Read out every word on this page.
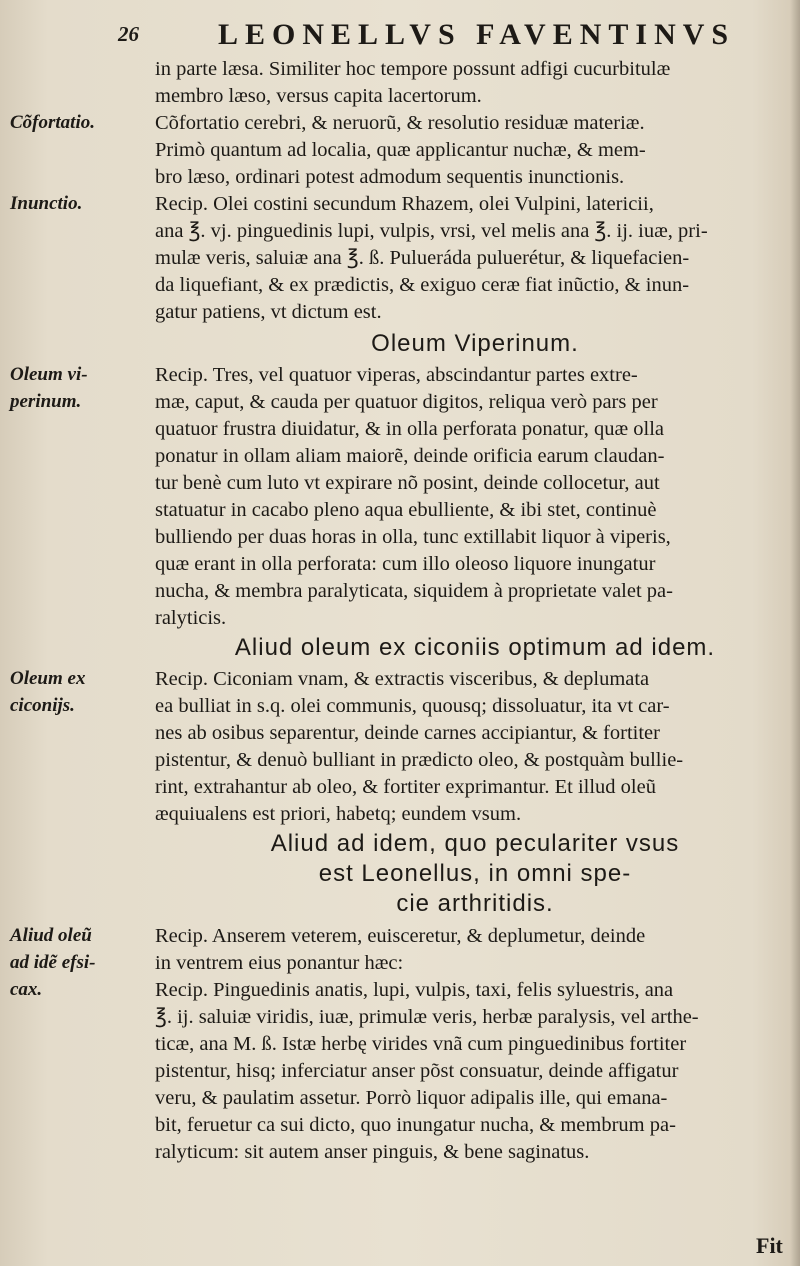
26	LEONELLVS FAVENTINVS
in parte læsa. Similiter hoc tempore possunt adfigi cucurbitulæ
membro læso, versus capita lacertorum.
Cõfortatio cerebri, & neruorũ, & resolutio residuæ materiæ.
Primò quantum ad localia, quæ applicantur nuchæ, & mem-
bro læso, ordinari potest admodum sequentis inunctionis.
Recip. Olei costini secundum Rhazem, olei Vulpini, latericii,
ana ℥. vj. pinguedinis lupi, vulpis, vrsi, vel melis ana ℥. ij. iuæ, pri-
mulæ veris, saluiæ ana ℥. ß. Pulueráda puluerétur, & liquefacien-
da liquefiant, & ex prædictis, & exiguo ceræ fiat inũctio, & inun-
gatur patiens, vt dictum est.
Oleum Viperinum.
Recip. Tres, vel quatuor viperas, abscindantur partes extre-
mæ, caput, & cauda per quatuor digitos, reliqua verò pars per
quatuor frustra diuidatur, & in olla perforata ponatur, quæ olla
ponatur in ollam aliam maiorẽ, deinde orificia earum claudan-
tur benè cum luto vt expirare nõ posint, deinde collocetur, aut
statuatur in cacabo pleno aqua ebulliente, & ibi stet, continuè
bulliendo per duas horas in olla, tunc extillabit liquor à viperis,
quæ erant in olla perforata: cum illo oleoso liquore inungatur
nucha, & membra paralyticata, siquidem à proprietate valet pa-
ralyticis.
Aliud oleum ex ciconiis optimum ad idem.
Recip. Ciconiam vnam, & extractis visceribus, & deplumata
ea bulliat in s.q. olei communis, quousq; dissoluatur, ita vt car-
nes ab osibus separentur, deinde carnes accipiantur, & fortiter
pistentur, & denuò bulliant in prædicto oleo, & postquàm bullie-
rint, extrahantur ab oleo, & fortiter exprimantur. Et illud oleũ
æquiualens est priori, habetq; eundem vsum.
Aliud ad idem, quo peculariter vsus
est Leonellus, in omni spe-
cie arthritidis.
Recip. Anserem veterem, euisceretur, & deplumetur, deinde
in ventrem eius ponantur hæc:
Recip. Pinguedinis anatis, lupi, vulpis, taxi, felis syluestris, ana
℥. ij. saluiæ viridis, iuæ, primulæ veris, herbæ paralysis, vel arthe-
ticæ, ana M. ß. Istæ herbę virides vnã cum pinguedinibus fortiter
pistentur, hisq; inferciatur anser põst consuatur, deinde affigatur
veru, & paulatim assetur. Porrò liquor adipalis ille, qui emana-
bit, feruetur ca sui dicto, quo inungatur nucha, & membrum pa-
ralyticum: sit autem anser pinguis, & bene saginatus.
Cõfortatio.
Inunctio.
Oleum vi-
perinum.
Oleum ex
ciconijs.
Aliud oleũ
ad idẽ efsi-
cax.
Fit
